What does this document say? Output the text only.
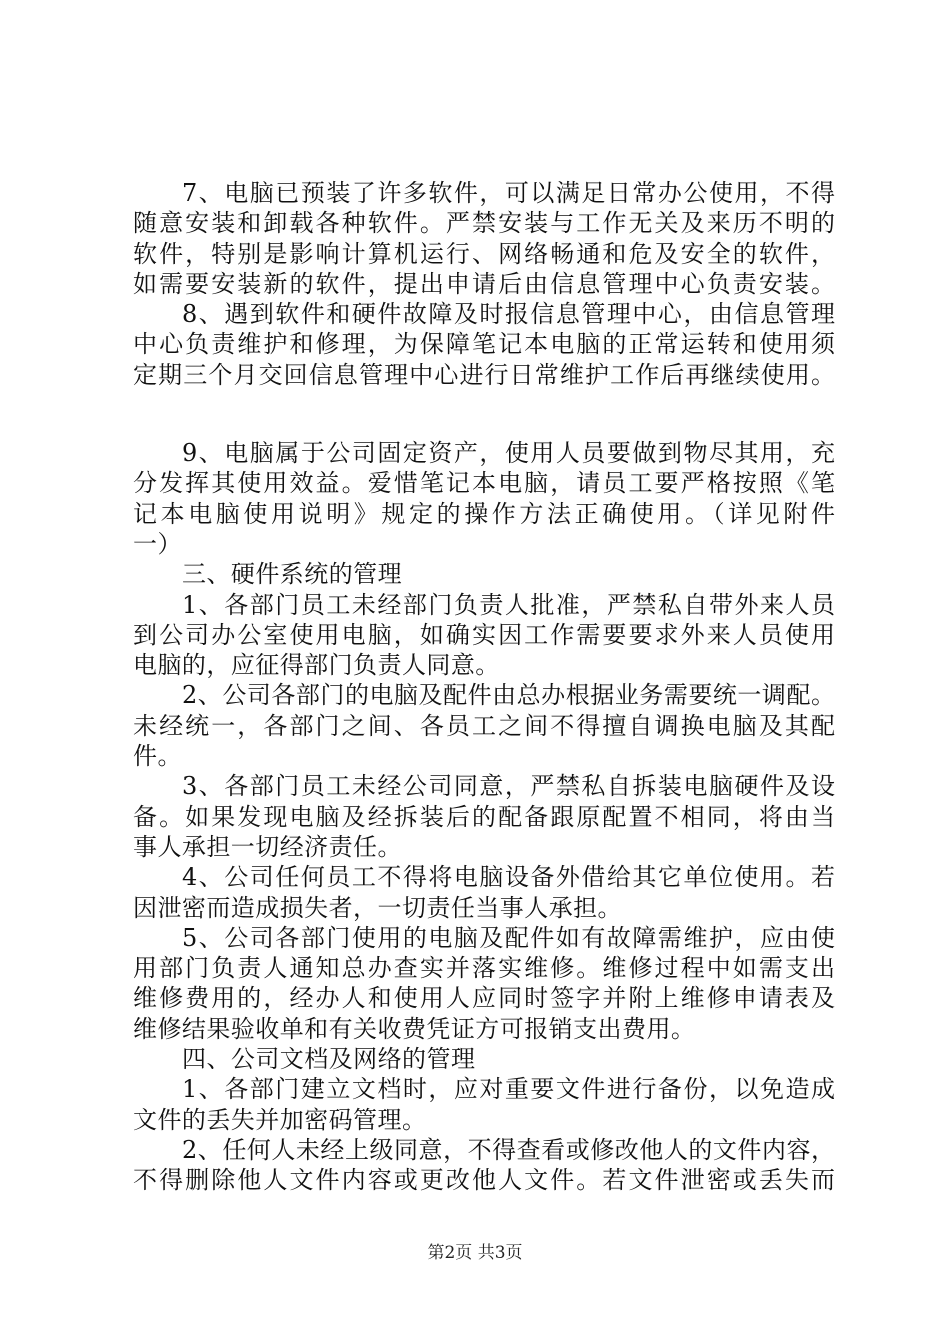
7、电脑已预装了许多软件，可以满足日常办公使用，不得
随意安装和卸载各种软件。严禁安装与工作无关及来历不明的
软件，特别是影响计算机运行、网络畅通和危及安全的软件，
如需要安装新的软件，提出申请后由信息管理中心负责安装。
8、遇到软件和硬件故障及时报信息管理中心，由信息管理
中心负责维护和修理，为保障笔记本电脑的正常运转和使用须
定期三个月交回信息管理中心进行日常维护工作后再继续使用。
9、电脑属于公司固定资产，使用人员要做到物尽其用，充
分发挥其使用效益。爱惜笔记本电脑，请员工要严格按照《笔
记本电脑使用说明》规定的操作方法正确使用。（详见附件
一）
三、硬件系统的管理
1、各部门员工未经部门负责人批准，严禁私自带外来人员
到公司办公室使用电脑，如确实因工作需要要求外来人员使用
电脑的，应征得部门负责人同意。
2、公司各部门的电脑及配件由总办根据业务需要统一调配。
未经统一，各部门之间、各员工之间不得擅自调换电脑及其配
件。
3、各部门员工未经公司同意，严禁私自拆装电脑硬件及设
备。如果发现电脑及经拆装后的配备跟原配置不相同，将由当
事人承担一切经济责任。
4、公司任何员工不得将电脑设备外借给其它单位使用。若
因泄密而造成损失者，一切责任当事人承担。
5、公司各部门使用的电脑及配件如有故障需维护，应由使
用部门负责人通知总办查实并落实维修。维修过程中如需支出
维修费用的，经办人和使用人应同时签字并附上维修申请表及
维修结果验收单和有关收费凭证方可报销支出费用。
四、公司文档及网络的管理
1、各部门建立文档时，应对重要文件进行备份，以免造成
文件的丢失并加密码管理。
2、任何人未经上级同意，不得查看或修改他人的文件内容，
不得删除他人文件内容或更改他人文件。若文件泄密或丢失而
第2页 共3页
